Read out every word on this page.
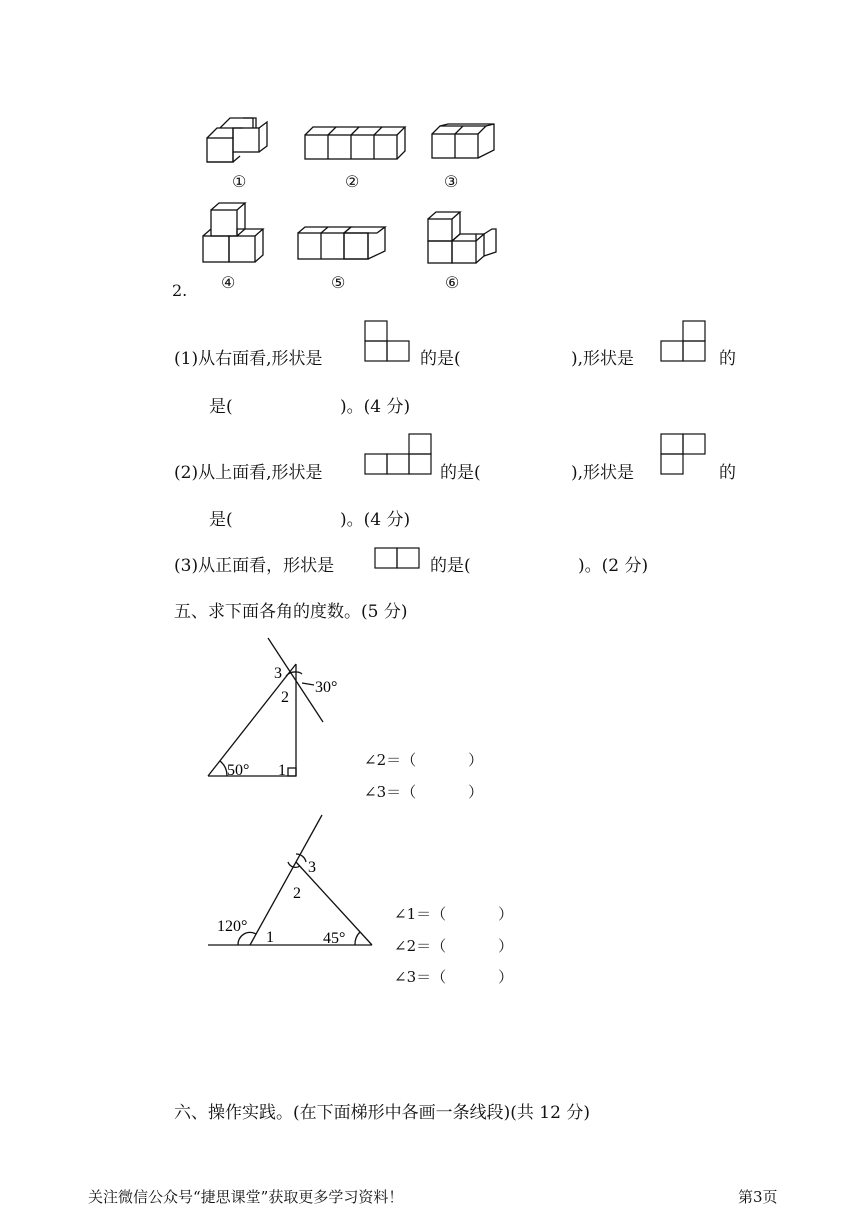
①	②	③
④	⑤	⑥
2.
(1)从右面看,形状是	的是(	),形状是	的
是(	)。(4 分)
(2)从上面看,形状是	的是(	),形状是	的
是(	)。(4 分)
(3)从正面看，形状是	的是(	)。(2 分)
五、求下面各角的度数。(5 分)
3
2
30°
50° 1
∠2＝（	）
∠3＝（	）
3
2
120°
1	45°
∠1＝（	）
∠2＝（	）
∠3＝（	）
六、操作实践。(在下面梯形中各画一条线段)(共 12 分)
关注微信公众号“捷思课堂”获取更多学习资料！	第3页
